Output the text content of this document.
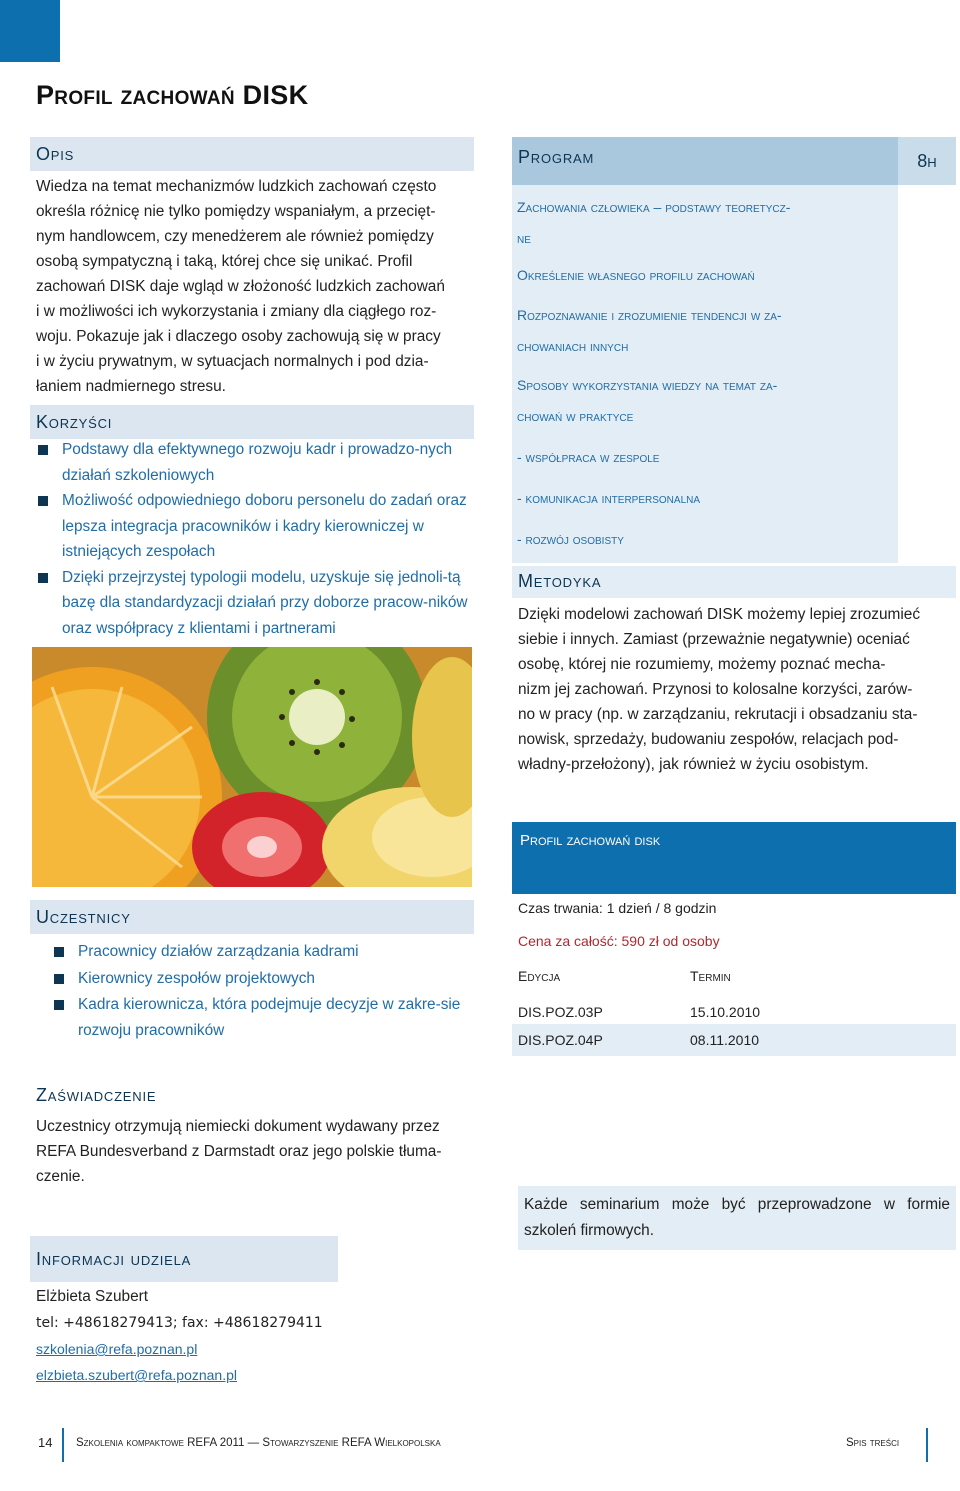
Profil zachowań DISK
Opis
Wiedza na temat mechanizmów ludzkich zachowań często
określa różnicę nie tylko pomiędzy wspaniałym, a przecięt-
nym handlowcem, czy menedżerem ale również pomiędzy
osobą sympatyczną i taką, której chce się unikać. Profil
zachowań DISK daje wgląd w złożoność ludzkich zachowań
i w możliwości ich wykorzystania i zmiany dla ciągłego roz-
woju. Pokazuje jak i dlaczego osoby zachowują się w pracy
i w życiu prywatnym, w sytuacjach normalnych i pod dzia-
łaniem nadmiernego stresu.
Korzyści
Podstawy dla efektywnego rozwoju kadr i prowadzo-nych działań szkoleniowych
Możliwość odpowiedniego doboru personelu do zadań oraz lepsza integracja pracowników i kadry kierowniczej w istniejących zespołach
Dzięki przejrzystej typologii modelu, uzyskuje się jednoli-tą bazę dla standardyzacji działań przy doborze pracow-ników oraz współpracy z klientami i partnerami
Program	8h
Zachowania człowieka – podstawy teoretycz-
ne
Określenie własnego profilu zachowań
Rozpoznawanie i zrozumienie tendencji w za-
chowaniach innych
Sposoby wykorzystania wiedzy na temat za-
chowań w praktyce
- współpraca w zespole
- komunikacja interpersonalna
- rozwój osobisty
Metodyka
Dzięki modelowi zachowań DISK możemy lepiej zrozumieć
siebie i innych. Zamiast (przeważnie negatywnie) oceniać
osobę, której nie rozumiemy, możemy poznać mecha-
nizm jej zachowań. Przynosi to kolosalne korzyści, zarów-
no w pracy (np. w zarządzaniu, rekrutacji i obsadzaniu sta-
nowisk, sprzedaży, budowaniu zespołów, relacjach pod-
władny-przełożony), jak również w życiu osobistym.
Profil zachowań disk
Czas trwania: 1 dzień / 8 godzin
Cena za całość: 590 zł od osoby
Edycja	Termin
DIS.POZ.03P	15.10.2010
DIS.POZ.04P	08.11.2010
Uczestnicy
Pracownicy działów zarządzania kadrami
Kierownicy zespołów projektowych
Kadra kierownicza, która podejmuje decyzje w zakre-sie rozwoju pracowników
Zaświadczenie
Uczestnicy otrzymują niemiecki dokument wydawany przez
REFA Bundesverband z Darmstadt oraz jego polskie tłuma-
czenie.
Informacji udziela
Elżbieta Szubert
tel: +48618279413; fax: +48618279411
szkolenia@refa.poznan.pl
elzbieta.szubert@refa.poznan.pl
Każde seminarium może być przeprowadzone w formie szkoleń firmowych.
14 Szkolenia kompaktowe REFA 2011 — Stowarzyszenie REFA Wielkopolska	Spis treści
